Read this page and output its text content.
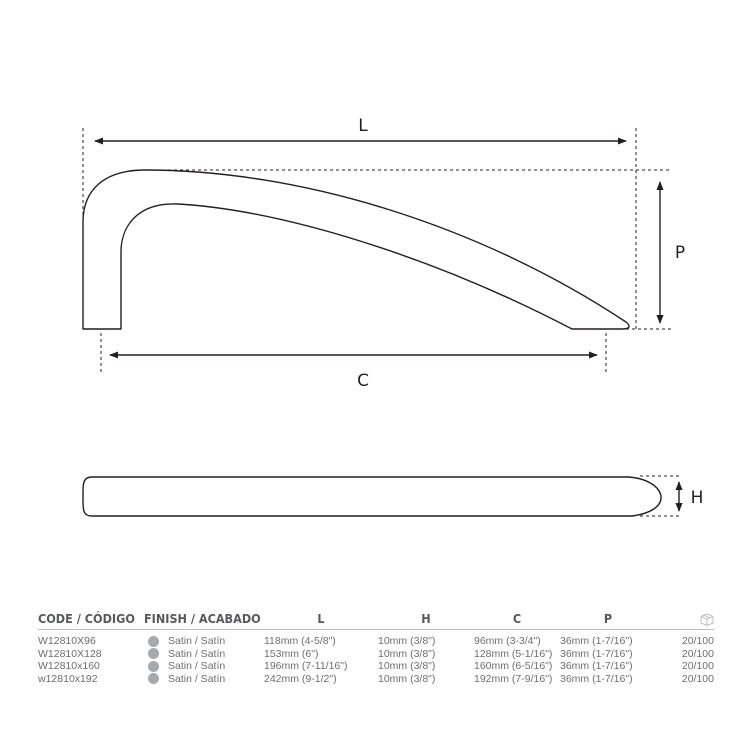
L
P
C
H
CODE / CÓDIGO	FINISH / ACABADO	L	H	C	P	
W12810X96	Satin / Satín	118mm (4-5/8")	10mm (3/8")	96mm (3-3/4")	36mm (1-7/16")	20/100
W12810X128	Satin / Satín	153mm (6")	10mm (3/8")	128mm (5-1/16")	36mm (1-7/16")	20/100
W12810x160	Satin / Satín	196mm (7-11/16")	10mm (3/8")	160mm (6-5/16")	36mm (1-7/16")	20/100
w12810x192	Satin / Satín	242mm (9-1/2")	10mm (3/8")	192mm (7-9/16")	36mm (1-7/16")	20/100
